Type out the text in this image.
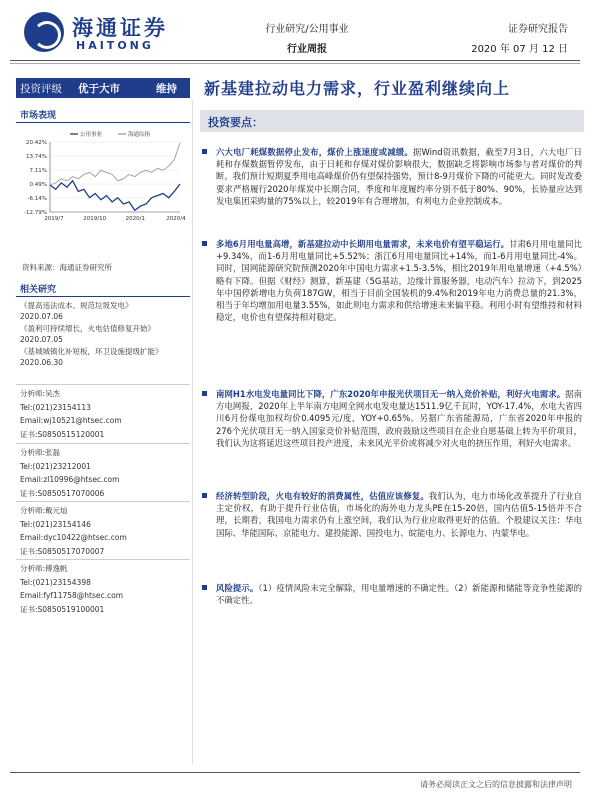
海通证券
HAITONG
行业研究/公用事业
行业周报
证券研究报告
2020 年 07 月 12 日
投资评级 优于大市	维持 新基建拉动电力需求，行业盈利继续向上
市场表现
20.42%
13.74%
7.11%
0.49%
-6.14%
-12.79%
2019/7	2019/10	2020/1	2020/4
公用事业	海通综指
资料来源：海通证券研究所
相关研究
《提高违法成本、规范垃圾发电》
2020.07.06
《盈利可持续增长，火电估值修复开始》
2020.07.05
《基城城镇化补短板，环卫设施提级扩能》
2020.06.30
分析师:吴杰
Tel:(021)23154113
Email:wj10521@htsec.com
证书:S0850515120001
分析师:张磊
Tel:(021)23212001
Email:zl10996@htsec.com
证书:S0850517070006
分析师:戴元灿
Tel:(021)23154146
Email:dyc10422@htsec.com
证书:S0850517070007
分析师:傅逸帆
Tel:(021)23154398
Email:fyf11758@htsec.com
证书:S0850519100001
投资要点：
六大电厂耗煤数据停止发布，煤价上涨速度或减缓。据Wind资讯数据，截至7月3日，六大电厂日耗和存煤数据暂停发布，由于日耗和存煤对煤价影响很大，数据缺乏将影响市场参与者对煤价的判断。我们预计短期夏季用电高峰煤价仍有望保持强势，预计8-9月煤价下降的可能更大。同时发改委要求严格履行2020年煤炭中长期合同，季度和年度履约率分别不低于80%、90%，长协量应达到发电集团采购量的75%以上，较2019年有合理增加，有利电力企业控制成本。
多地6月用电量高增，新基建拉动中长期用电量需求，未来电价有望平稳运行。甘肃6月用电量同比+9.34%，而1-6月用电量同比+5.52%；浙江6月用电量同比+14%，而1-6月用电量同比-4%。同时，国网能源研究院预测2020年中国电力需求+1.5-3.5%，相比2019年用电量增速（+4.5%）略有下降。但据《财经》测算，新基建（5G基站，边缘计算服务器，电动汽车）拉动下，到2025年中国停新增电力负荷187GW，相当于目前全国装机的9.4%和2019年电力消费总量的21.3%，相当于年均增加用电量3.55%，如此则电力需求和供给增速未来偏平稳。利用小时有望维持和材料稳定，电价也有望保持相对稳定。
南网H1水电发电量同比下降，广东2020年申报光伏项目无一纳入竞价补贴，利好火电需求。据南方电网报，2020年上半年南方电网全网水电发电量达1511.9亿千瓦时，YOY-17.4%，水电大省四川6月份煤电加权均价0.4095元/度，YOY+0.65%。另据广东省能源局，广东省2020年申报的276个光伏项目无一纳入国家竞价补贴范围，政府鼓励这些项目在企业自愿基础上转为平价项目，我们认为这将延迟这些项目投产进度，未来风光平价或将减少对火电的挤压作用，利好火电需求。
经济转型阶段，火电有较好的消费属性，估值应该修复。我们认为，电力市场化改革提升了行业自主定价权，有助于提升行业估值，市场化的海外电力龙头PE在15-20倍，国内估值5-15倍并不合理，长期看，我国电力需求仍有上涨空间，我们认为行业应取得更好的估值。个股建议关注：华电国际、华能国际、京能电力、建投能源、国投电力、皖能电力、长源电力、内蒙华电。
风险提示。（1）疫情风险未完全解除，用电量增速的不确定性。（2）新能源和储能等竞争性能源的不确定性。
请务必阅读正文之后的信息披露和法律声明
